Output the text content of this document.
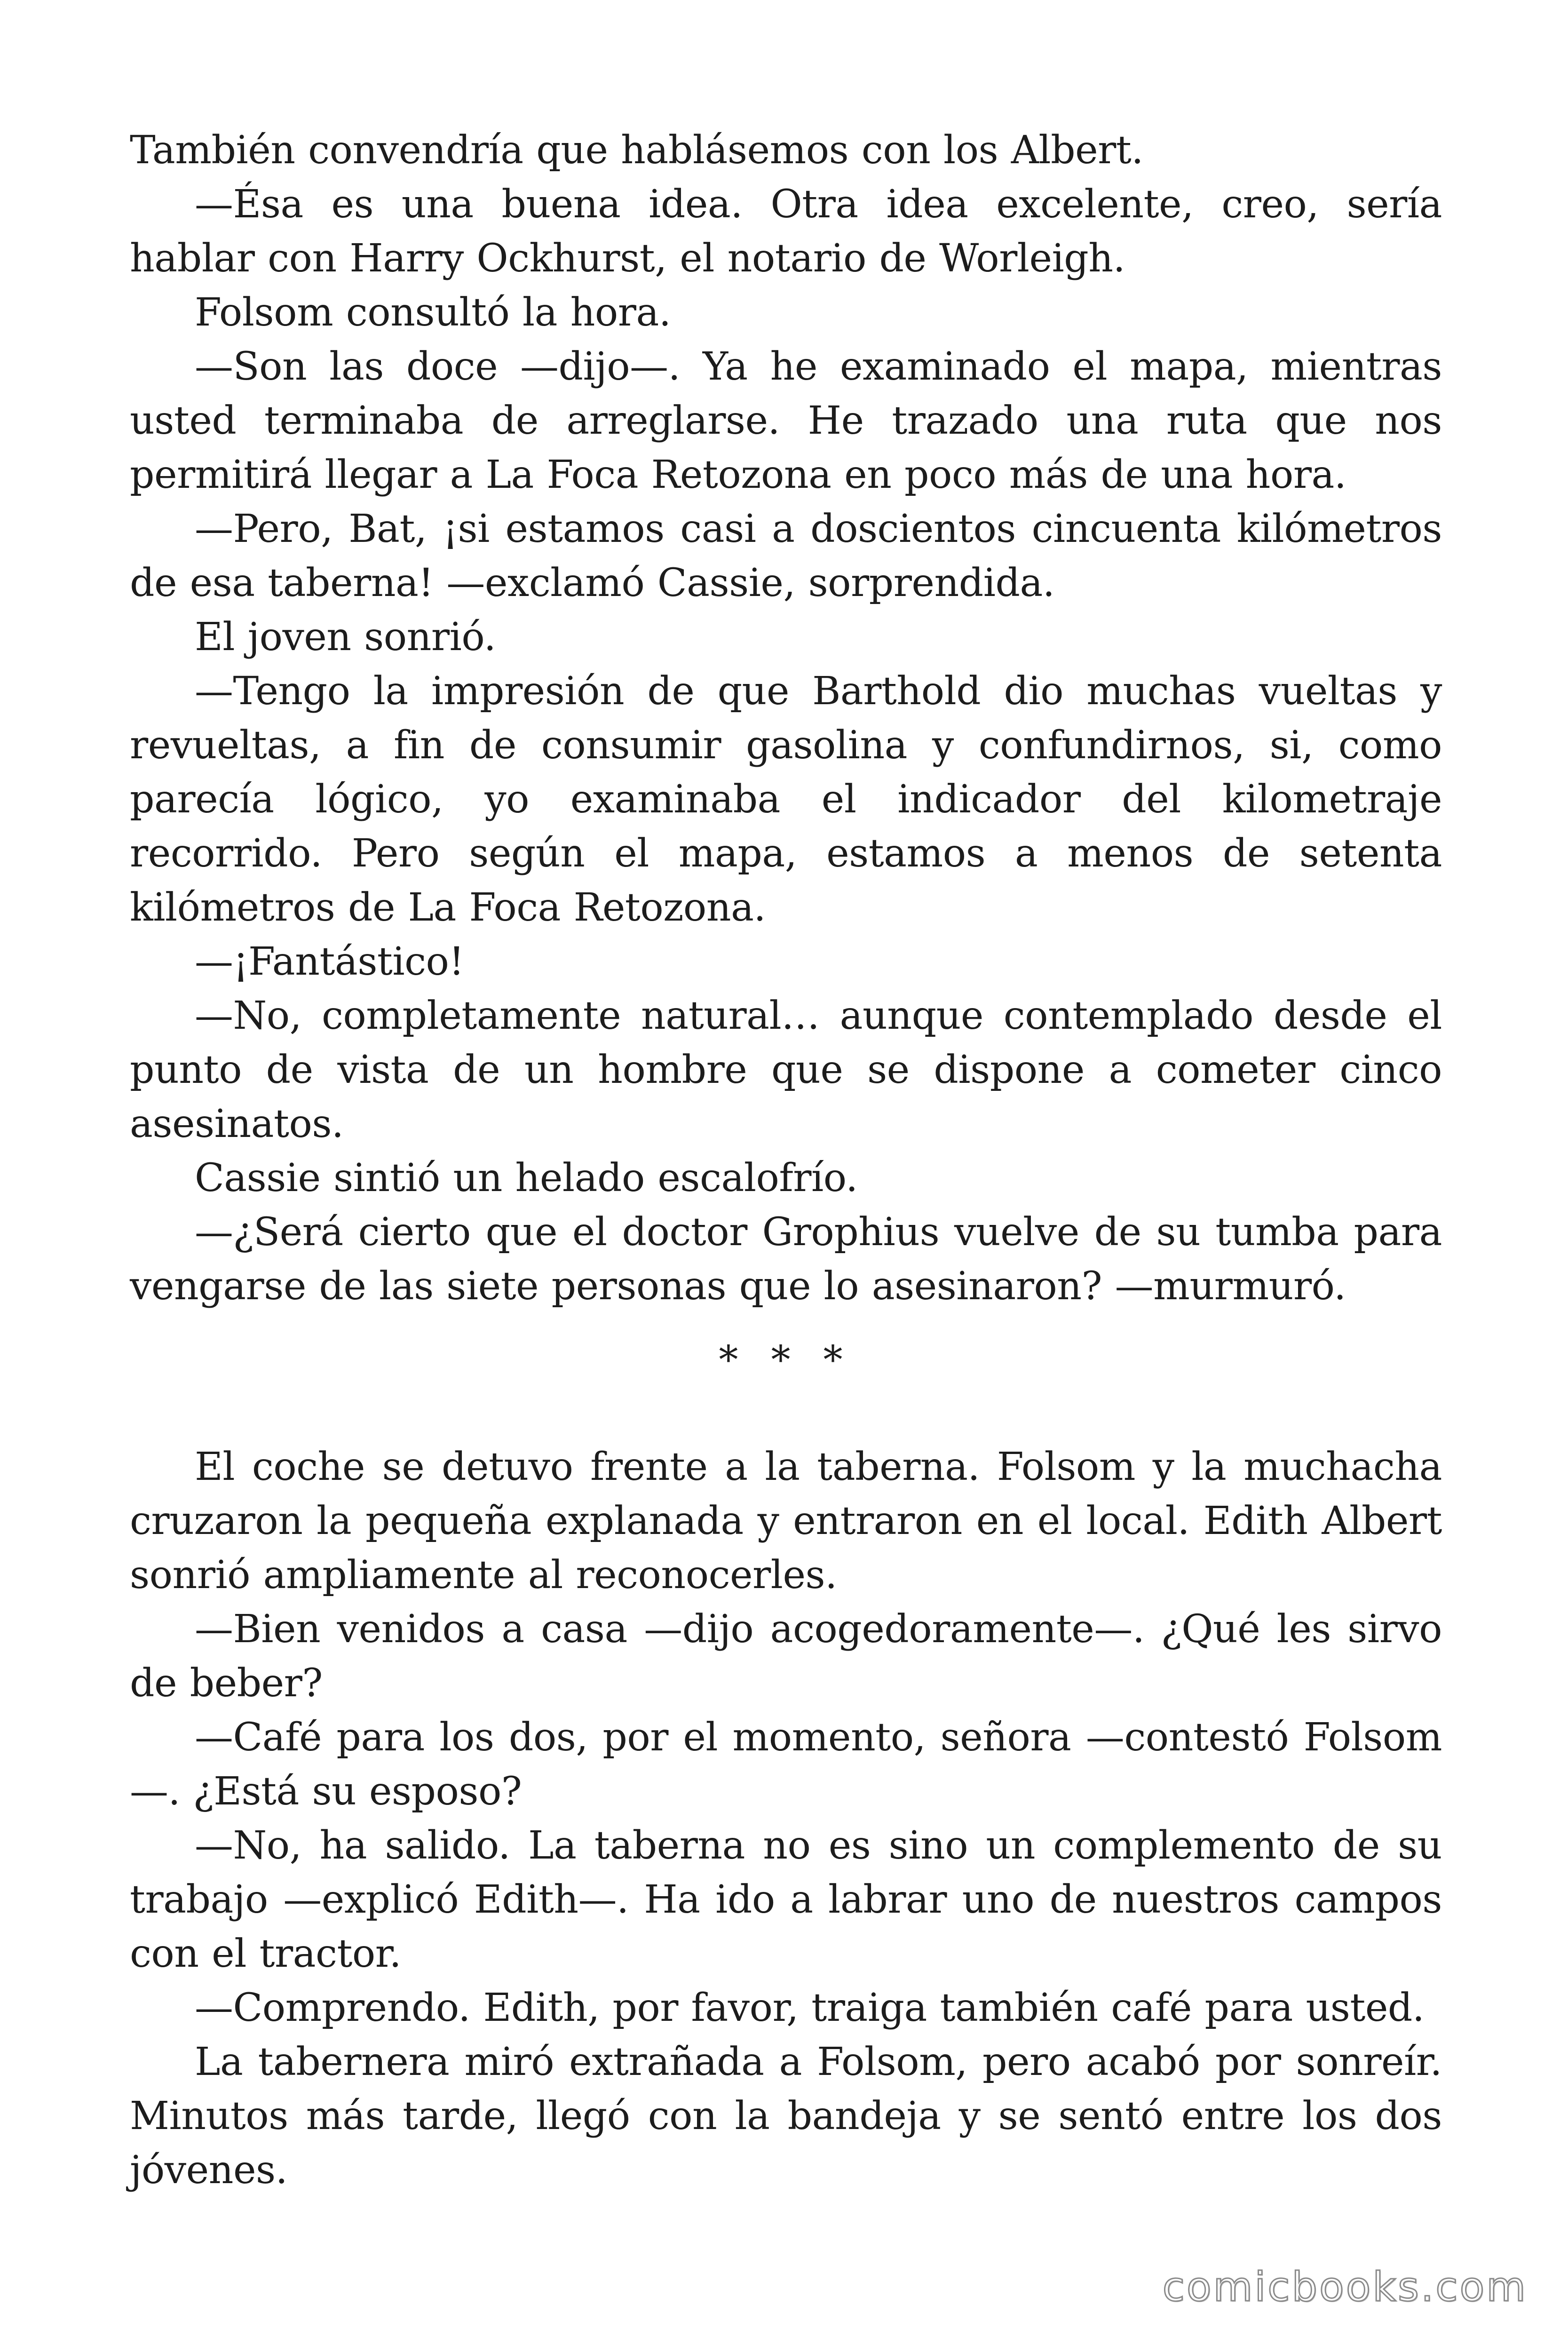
También convendría que hablásemos con los Albert.

—Ésa es una buena idea. Otra idea excelente, creo, sería hablar con Harry Ockhurst, el notario de Worleigh.

Folsom consultó la hora.

—Son las doce —dijo—. Ya he examinado el mapa, mientras usted terminaba de arreglarse. He trazado una ruta que nos permitirá llegar a La Foca Retozona en poco más de una hora.

—Pero, Bat, ¡si estamos casi a doscientos cincuenta kilómetros de esa taberna! —exclamó Cassie, sorprendida.

El joven sonrió.

—Tengo la impresión de que Barthold dio muchas vueltas y revueltas, a fin de consumir gasolina y confundirnos, si, como parecía lógico, yo examinaba el indicador del kilometraje recorrido. Pero según el mapa, estamos a menos de setenta kilómetros de La Foca Retozona.

—¡Fantástico!

—No, completamente natural… aunque contemplado desde el punto de vista de un hombre que se dispone a cometer cinco asesinatos.

Cassie sintió un helado escalofrío.

—¿Será cierto que el doctor Grophius vuelve de su tumba para vengarse de las siete personas que lo asesinaron? —murmuró.

* * *

El coche se detuvo frente a la taberna. Folsom y la muchacha cruzaron la pequeña explanada y entraron en el local. Edith Albert sonrió ampliamente al reconocerles.

—Bien venidos a casa —dijo acogedoramente—. ¿Qué les sirvo de beber?

—Café para los dos, por el momento, señora —contestó Folsom —. ¿Está su esposo?

—No, ha salido. La taberna no es sino un complemento de su trabajo —explicó Edith—. Ha ido a labrar uno de nuestros campos con el tractor.

—Comprendo. Edith, por favor, traiga también café para usted.

La tabernera miró extrañada a Folsom, pero acabó por sonreír. Minutos más tarde, llegó con la bandeja y se sentó entre los dos jóvenes.

comicbooks.com
